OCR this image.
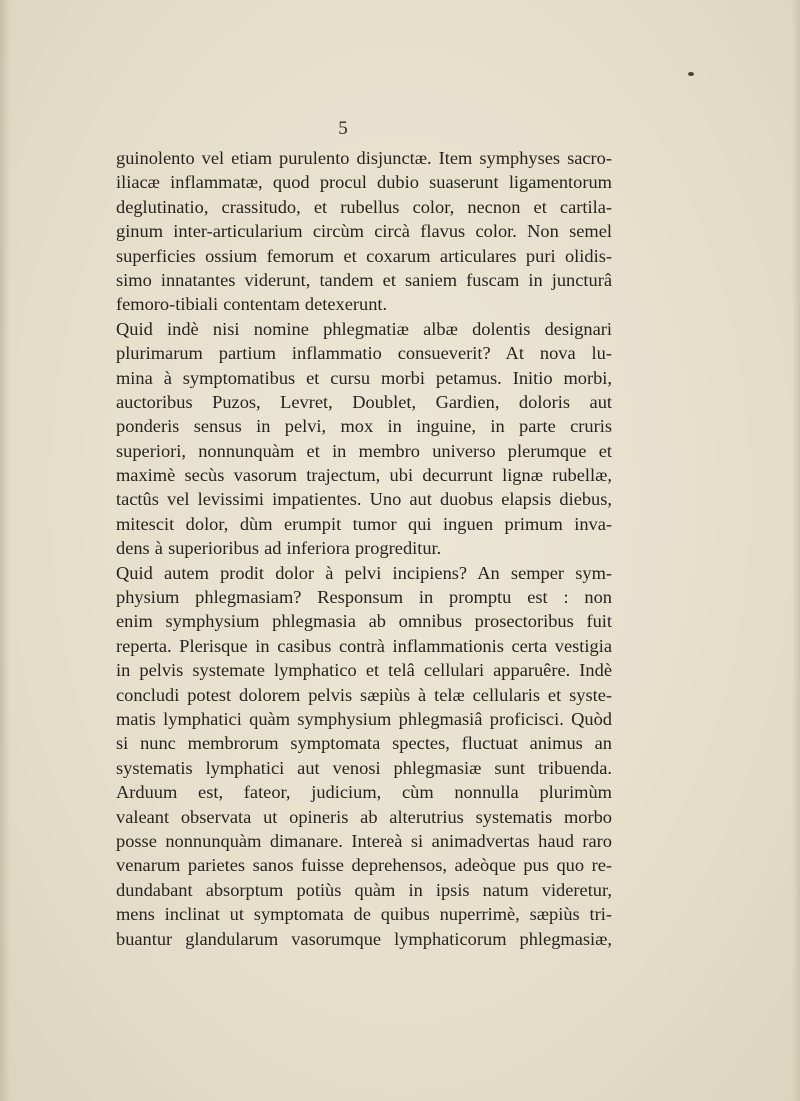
5
guinolento vel etiam purulento disjunctæ. Item symphyses sacro-
iliacæ inflammatæ, quod procul dubio suaserunt ligamentorum
deglutinatio, crassitudo, et rubellus color, necnon et cartila-
ginum inter-articularium circùm circà flavus color. Non semel
superficies ossium femorum et coxarum articulares puri olidis-
simo innatantes viderunt, tandem et saniem fuscam in juncturâ
femoro-tibiali contentam detexerunt.
Quid indè nisi nomine phlegmatiæ albæ dolentis designari
plurimarum partium inflammatio consueverit? At nova lu-
mina à symptomatibus et cursu morbi petamus. Initio morbi,
auctoribus Puzos, Levret, Doublet, Gardien, doloris aut
ponderis sensus in pelvi, mox in inguine, in parte cruris
superiori, nonnunquàm et in membro universo plerumque et
maximè secùs vasorum trajectum, ubi decurrunt lignæ rubellæ,
tactûs vel levissimi impatientes. Uno aut duobus elapsis diebus,
mitescit dolor, dùm erumpit tumor qui inguen primum inva-
dens à superioribus ad inferiora progreditur.
Quid autem prodit dolor à pelvi incipiens? An semper sym-
physium phlegmasiam? Responsum in promptu est : non
enim symphysium phlegmasia ab omnibus prosectoribus fuit
reperta. Plerisque in casibus contrà inflammationis certa vestigia
in pelvis systemate lymphatico et telâ cellulari apparuêre. Indè
concludi potest dolorem pelvis sæpiùs à telæ cellularis et syste-
matis lymphatici quàm symphysium phlegmasiâ proficisci. Quòd
si nunc membrorum symptomata spectes, fluctuat animus an
systematis lymphatici aut venosi phlegmasiæ sunt tribuenda.
Arduum est, fateor, judicium, cùm nonnulla plurimùm
valeant observata ut opineris ab alterutrius systematis morbo
posse nonnunquàm dimanare. Intereà si animadvertas haud raro
venarum parietes sanos fuisse deprehensos, adeòque pus quo re-
dundabant absorptum potiùs quàm in ipsis natum videretur,
mens inclinat ut symptomata de quibus nuperrimè, sæpiùs tri-
buantur glandularum vasorumque lymphaticorum phlegmasiæ,
